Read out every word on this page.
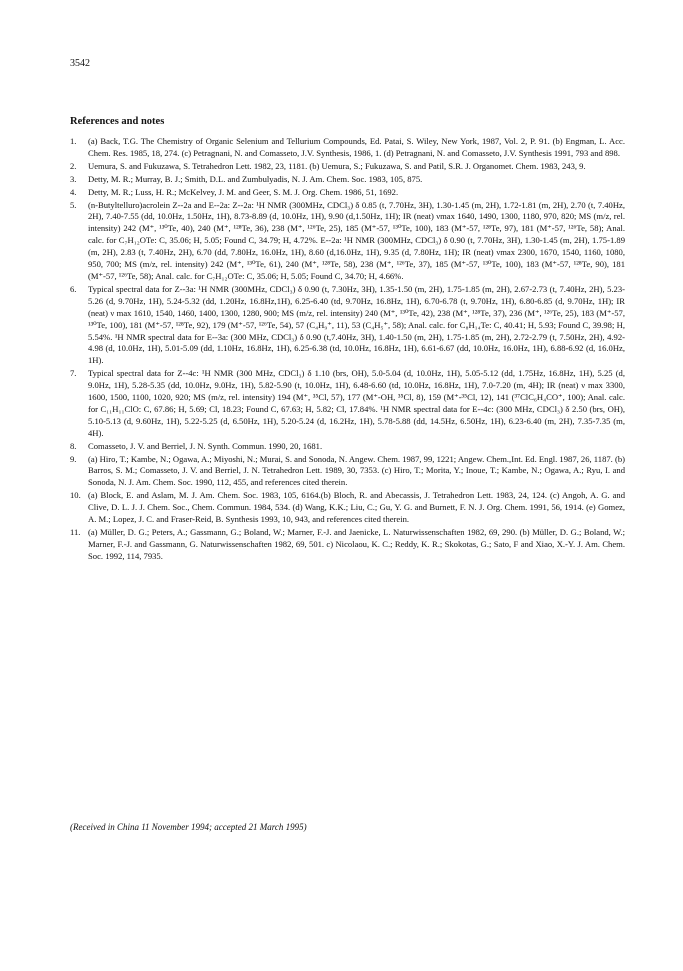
3542
References and notes
1. (a) Back, T.G. The Chemistry of Organic Selenium and Tellurium Compounds, Ed. Patai, S. Wiley, New York, 1987, Vol. 2, P. 91. (b) Engman, L. Acc. Chem. Res. 1985, 18, 274. (c) Petragnani, N. and Comasseto, J.V. Synthesis, 1986, 1. (d) Petragnani, N. and Comasseto, J.V. Synthesis 1991, 793 and 898.
2. Uemura, S. and Fukuzawa, S. Tetrahedron Lett. 1982, 23, 1181. (b) Uemura, S.; Fukuzawa, S. and Patil, S.R. J. Organomet. Chem. 1983, 243, 9.
3. Detty, M. R.; Murray, B. J.; Smith, D.L. and Zumbulyadis, N. J. Am. Chem. Soc. 1983, 105, 875.
4. Detty, M. R.; Luss, H. R.; McKelvey, J. M. and Geer, S. M. J. Org. Chem. 1986, 51, 1692.
5. (n-Butyltelluro)acrolein Z--2a and E--2a: Z--2a: ¹H NMR (300MHz, CDCl₃) δ 0.85 (t, 7.70Hz, 3H), 1.30-1.45 (m, 2H), 1.72-1.81 (m, 2H), 2.70 (t, 7.40Hz, 2H), 7.40-7.55 (dd, 10.0Hz, 1.50Hz, 1H), 8.73-8.89 (d, 10.0Hz, 1H), 9.90 (d,1.50Hz, 1H); IR (neat) νmax 1640, 1490, 1300, 1180, 970, 820; MS (m/z, rel. intensity) 242 (M⁺, ¹³⁰Te, 40), 240 (M⁺, ¹²⁸Te, 36), 238 (M⁺, ¹²⁶Te, 25), 185 (M⁺-57, ¹³⁰Te, 100), 183 (M⁺-57, ¹²⁸Te, 97), 181 (M⁺-57, ¹²⁶Te, 58); Anal. calc. for C₇H₁₂OTe: C, 35.06; H, 5.05; Found C, 34.79; H, 4.72%. E--2a: ¹H NMR (300MHz, CDCl₃) δ 0.90 (t, 7.70Hz, 3H), 1.30-1.45 (m, 2H), 1.75-1.89 (m, 2H), 2.83 (t, 7.40Hz, 2H), 6.70 (dd, 7.80Hz, 16.0Hz, 1H), 8.60 (d,16.0Hz, 1H), 9.35 (d, 7.80Hz, 1H); IR (neat) νmax 2300, 1670, 1540, 1160, 1080, 950, 700; MS (m/z, rel. intensity) 242 (M⁺, ¹³⁰Te, 61), 240 (M⁺, ¹²⁸Te, 58), 238 (M⁺, ¹²⁶Te, 37), 185 (M⁺-57, ¹³⁰Te, 100), 183 (M⁺-57, ¹²⁸Te, 90), 181 (M⁺-57, ¹²⁶Te, 58); Anal. calc. for C₇H₁₂OTe: C, 35.06; H, 5.05; Found C, 34.70; H, 4.66%.
6. Typical spectral data for Z--3a: ¹H NMR (300MHz, CDCl₃) δ 0.90 (t, 7.30Hz, 3H), 1.35-1.50 (m, 2H), 1.75-1.85 (m, 2H), 2.67-2.73 (t, 7.40Hz, 2H), 5.23-5.26 (d, 9.70Hz, 1H), 5.24-5.32 (dd, 1.20Hz, 16.8Hz,1H), 6.25-6.40 (td, 9.70Hz, 16.8Hz, 1H), 6.70-6.78 (t, 9.70Hz, 1H), 6.80-6.85 (d, 9.70Hz, 1H); IR (neat) ν max 1610, 1540, 1460, 1400, 1300, 1280, 900; MS (m/z, rel. intensity) 240 (M⁺, ¹³⁰Te, 42), 238 (M⁺, ¹²⁸Te, 37), 236 (M⁺, ¹²⁶Te, 25), 183 (M⁺-57, ¹³⁰Te, 100), 181 (M⁺-57, ¹²⁸Te, 92), 179 (M⁺-57, ¹²⁶Te, 54), 57 (C₄H₉⁺, 11), 53 (C₄H₅⁺, 58); Anal. calc. for C₈H₁₄Te: C, 40.41; H, 5.93; Found C, 39.98; H, 5.54%. ¹H NMR spectral data for E--3a: (300 MHz, CDCl₃) δ 0.90 (t,7.40Hz, 3H), 1.40-1.50 (m, 2H), 1.75-1.85 (m, 2H), 2.72-2.79 (t, 7.50Hz, 2H), 4.92-4.98 (d, 10.0Hz, 1H), 5.01-5.09 (dd, 1.10Hz, 16.8Hz, 1H), 6.25-6.38 (td, 10.0Hz, 16.8Hz, 1H), 6.61-6.67 (dd, 10.0Hz, 16.0Hz, 1H), 6.88-6.92 (d, 16.0Hz, 1H).
7. Typical spectral data for Z--4c: ¹H NMR (300 MHz, CDCl₃) δ 1.10 (brs, OH), 5.0-5.04 (d, 10.0Hz, 1H), 5.05-5.12 (dd, 1.75Hz, 16.8Hz, 1H), 5.25 (d, 9.0Hz, 1H), 5.28-5.35 (dd, 10.0Hz, 9.0Hz, 1H), 5.82-5.90 (t, 10.0Hz, 1H), 6.48-6.60 (td, 10.0Hz, 16.8Hz, 1H), 7.0-7.20 (m, 4H); IR (neat) ν max 3300, 1600, 1500, 1100, 1020, 920; MS (m/z, rel. intensity) 194 (M⁺, ³⁵Cl, 57), 177 (M⁺-OH, ³⁵Cl, 8), 159 (M⁺-³⁵Cl, 12), 141 (³⁷ClC₆H₄CO⁺, 100); Anal. calc. for C₁₁H₁₁ClO: C, 67.86; H, 5.69; Cl, 18.23; Found C, 67.63; H, 5.82; Cl, 17.84%. ¹H NMR spectral data for E--4c: (300 MHz, CDCl₃) δ 2.50 (brs, OH), 5.10-5.13 (d, 9.60Hz, 1H), 5.22-5.25 (d, 6.50Hz, 1H), 5.20-5.24 (d, 16.2Hz, 1H), 5.78-5.88 (dd, 14.5Hz, 6.50Hz, 1H), 6.23-6.40 (m, 2H), 7.35-7.35 (m, 4H).
8. Comasseto, J. V. and Berriel, J. N. Synth. Commun. 1990, 20, 1681.
9. (a) Hiro, T.; Kambe, N.; Ogawa, A.; Miyoshi, N.; Murai, S. and Sonoda, N. Angew. Chem. 1987, 99, 1221; Angew. Chem.,Int. Ed. Engl. 1987, 26, 1187. (b) Barros, S. M.; Comasseto, J. V. and Berriel, J. N. Tetrahedron Lett. 1989, 30, 7353. (c) Hiro, T.; Morita, Y.; Inoue, T.; Kambe, N.; Ogawa, A.; Ryu, I. and Sonoda, N. J. Am. Chem. Soc. 1990, 112, 455, and references cited therein.
10. (a) Block, E. and Aslam, M. J. Am. Chem. Soc. 1983, 105, 6164.(b) Bloch, R. and Abecassis, J. Tetrahedron Lett. 1983, 24, 124. (c) Angoh, A. G. and Clive, D. L. J. J. Chem. Soc., Chem. Commun. 1984, 534. (d) Wang, K.K.; Liu, C.; Gu, Y. G. and Burnett, F. N. J. Org. Chem. 1991, 56, 1914. (e) Gomez, A. M.; Lopez, J. C. and Fraser-Reid, B. Synthesis 1993, 10, 943, and references cited therein.
11. (a) Müller, D. G.; Peters, A.; Gassmann, G.; Boland, W.; Marner, F.-J. and Jaenicke, L. Naturwissenschaften 1982, 69, 290. (b) Müller, D. G.; Boland, W.; Marner, F.-J. and Gassmann, G. Naturwissenschaften 1982, 69, 501. c) Nicolaou, K. C.; Reddy, K. R.; Skokotas, G.; Sato, F and Xiao, X.-Y. J. Am. Chem. Soc. 1992, 114, 7935.
(Received in China 11 November 1994; accepted 21 March 1995)
